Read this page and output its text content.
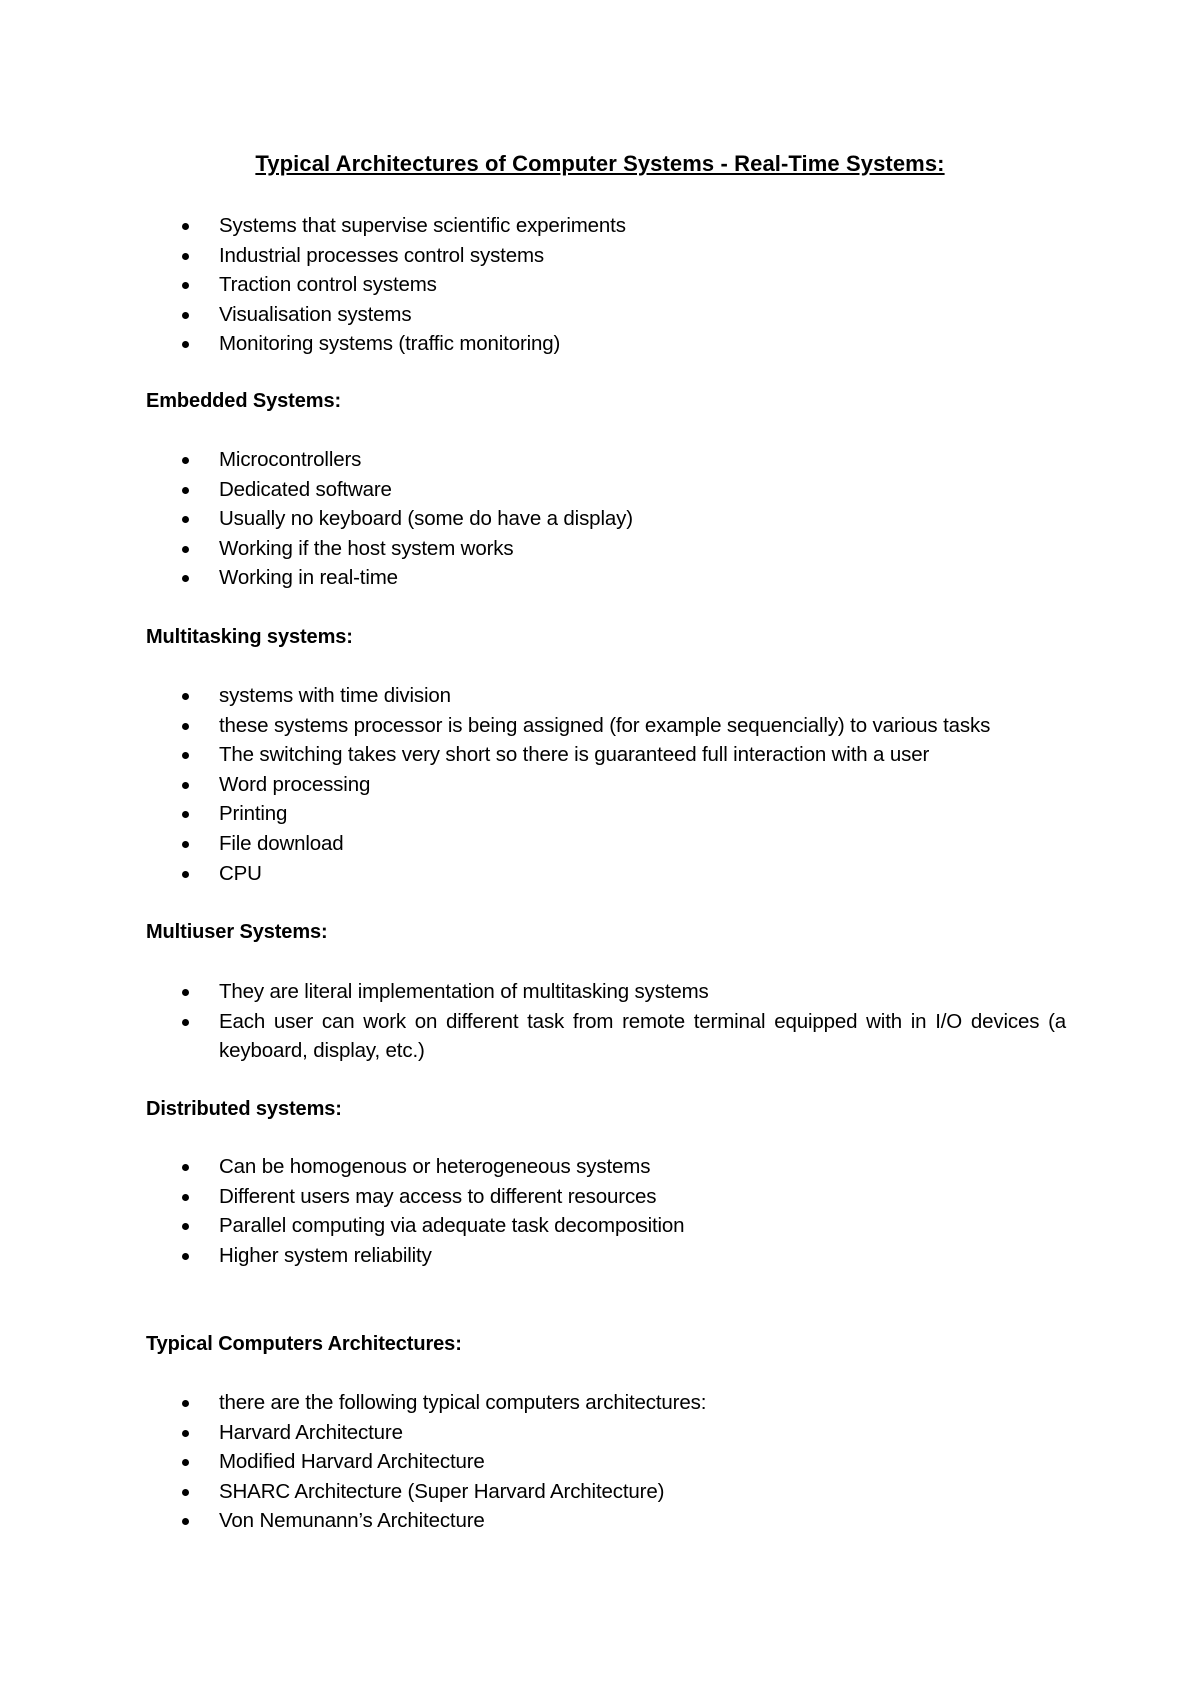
Typical Architectures of Computer Systems - Real-Time Systems:
Systems that supervise scientific experiments
Industrial processes control systems
Traction control systems
Visualisation systems
Monitoring systems (traffic monitoring)
Embedded Systems:
Microcontrollers
Dedicated software
Usually no keyboard (some do have a display)
Working if the host system works
Working in real-time
Multitasking systems:
systems with time division
these systems processor is being assigned (for example sequencially) to various tasks
The switching takes very short so there is guaranteed full interaction with a user
Word processing
Printing
File download
CPU
Multiuser Systems:
They are literal implementation of multitasking systems
Each user can work on different task from remote terminal equipped with in I/O devices (a keyboard, display, etc.)
Distributed systems:
Can be homogenous or heterogeneous systems
Different users may access to different resources
Parallel computing via adequate task decomposition
Higher system reliability
Typical Computers Architectures:
there are the following typical computers architectures:
Harvard Architecture
Modified Harvard Architecture
SHARC Architecture (Super Harvard Architecture)
Von Nemunann’s Architecture
